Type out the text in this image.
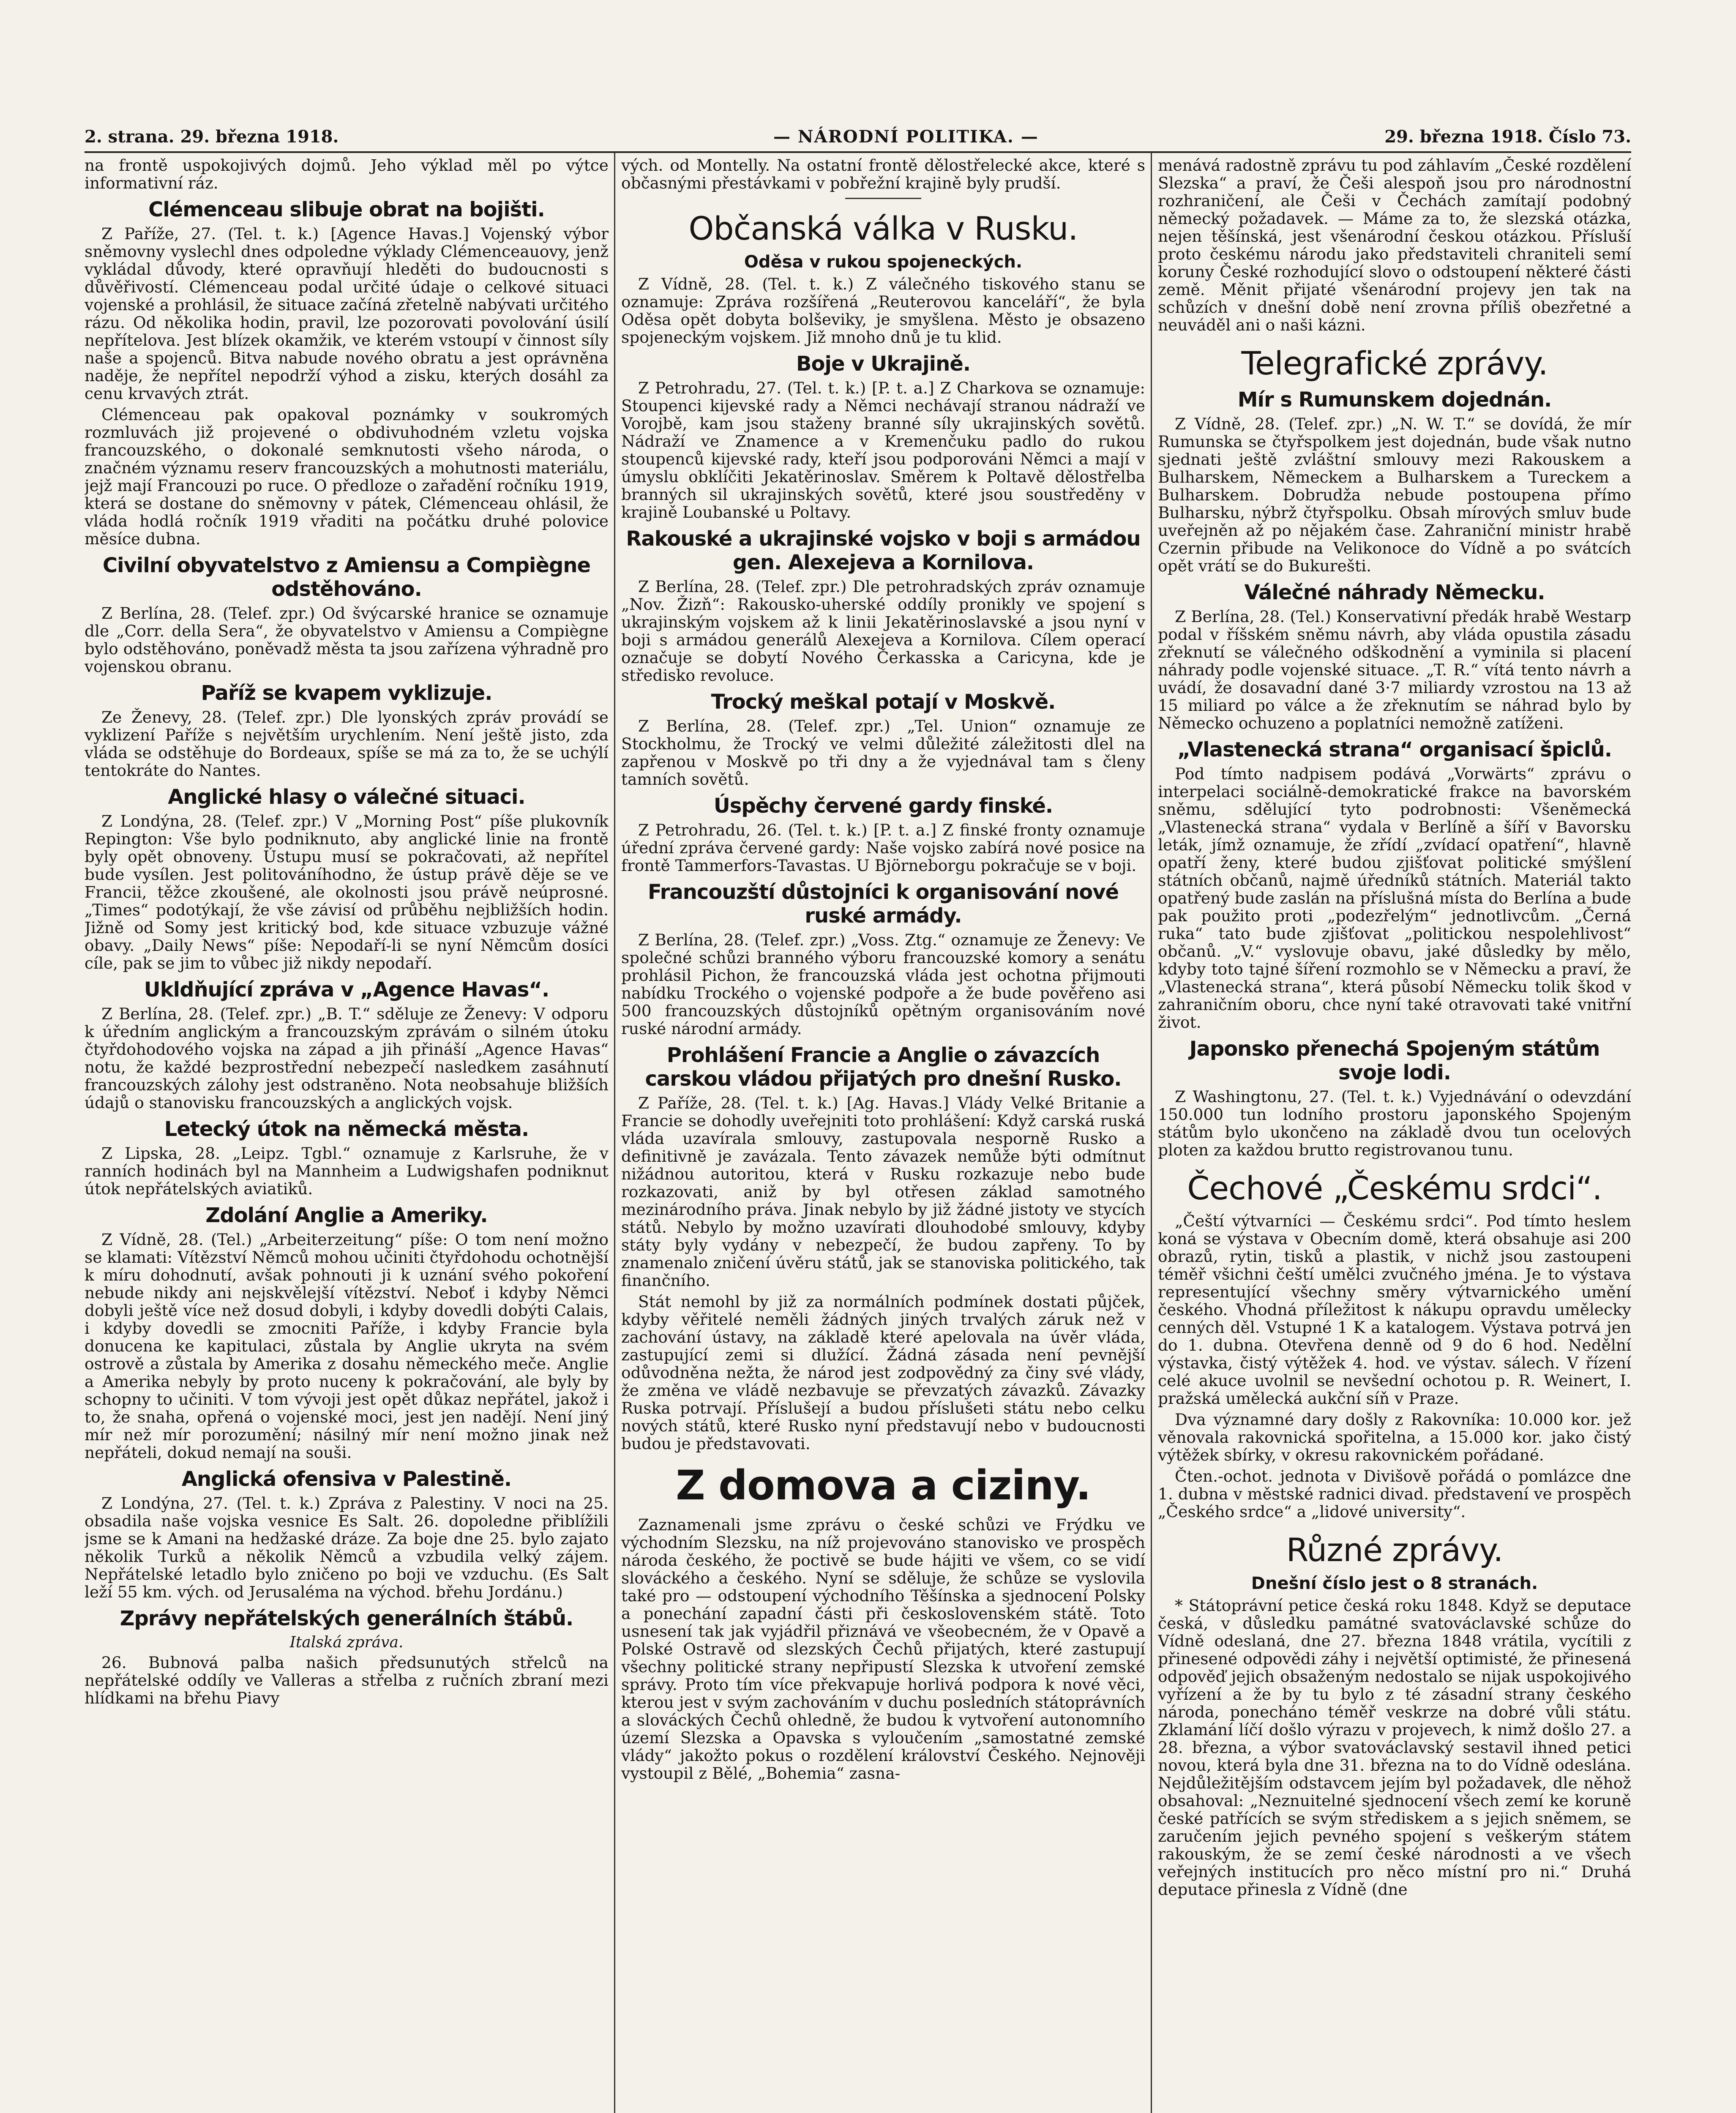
2. strana. 29. března 1918.	— NÁRODNÍ POLITIKA. —	29. března 1918. Číslo 73.

na frontě uspokojivých dojmů. Jeho výklad měl po výtce informativní ráz.

Clémenceau slibuje obrat na bojišti.

Z Paříže, 27. (Tel. t. k.) [Agence Havas.] Vojenský výbor sněmovny vyslechl dnes odpoledne výklady Clémenceauovy, jenž vykládal důvody, které opravňují hleděti do budoucnosti s důvěřivostí. Clémenceau podal určité údaje o celkové situaci vojenské a prohlásil, že situace začíná zřetelně nabývati určitého rázu. Od několika hodin, pravil, lze pozorovati povolování úsilí nepřítelova. Jest blízek okamžik, ve kterém vstoupí v činnost síly naše a spojenců. Bitva nabude nového obratu a jest oprávněna naděje, že nepřítel nepodrží výhod a zisku, kterých dosáhl za cenu krvavých ztrát.

Clémenceau pak opakoval poznámky v soukromých rozmluvách již projevené o obdivuhodném vzletu vojska francouzského, o dokonalé semknutosti všeho národa, o značném významu reserv francouzských a mohutnosti materiálu, jejž mají Francouzi po ruce. O předloze o zařadění ročníku 1919, která se dostane do sněmovny v pátek, Clémenceau ohlásil, že vláda hodlá ročník 1919 vřaditi na počátku druhé polovice měsíce dubna.

Civilní obyvatelstvo z Amiensu a Compiègne odstěhováno.

Z Berlína, 28. (Telef. zpr.) Od švýcarské hranice se oznamuje dle „Corr. della Sera“, že obyvatelstvo v Amiensu a Compiègne bylo odstěhováno, poněvadž města ta jsou zařízena výhradně pro vojenskou obranu.

Paříž se kvapem vyklizuje.

Ze Ženevy, 28. (Telef. zpr.) Dle lyonských zpráv provádí se vyklizení Paříže s největším urychlením. Není ještě jisto, zda vláda se odstěhuje do Bordeaux, spíše se má za to, že se uchýlí tentokráte do Nantes.

Anglické hlasy o válečné situaci.

Z Londýna, 28. (Telef. zpr.) V „Morning Post“ píše plukovník Repington: Vše bylo podniknuto, aby anglické linie na frontě byly opět obnoveny. Ústupu musí se pokračovati, až nepřítel bude vysílen. Jest politováníhodno, že ústup právě děje se ve Francii, těžce zkoušené, ale okolnosti jsou právě neúprosné. „Times“ podotýkají, že vše závisí od průběhu nejbližších hodin. Jižně od Somy jest kritický bod, kde situace vzbuzuje vážné obavy. „Daily News“ píše: Nepodaří-li se nyní Němcům dosíci cíle, pak se jim to vůbec již nikdy nepodaří.

Ukldňující zpráva v „Agence Havas“.

Z Berlína, 28. (Telef. zpr.) „B. T.“ sděluje ze Ženevy: V odporu k úředním anglickým a francouzským zprávám o silném útoku čtyřdohodového vojska na západ a jih přináší „Agence Havas“ notu, že každé bezprostřední nebezpečí nasledkem zasáhnutí francouzských zálohy jest odstraněno. Nota neobsahuje bližších údajů o stanovisku francouzských a anglických vojsk.

Letecký útok na německá města.

Z Lipska, 28. „Leipz. Tgbl.“ oznamuje z Karlsruhe, že v ranních hodinách byl na Mannheim a Ludwigshafen podniknut útok nepřátelských aviatiků.

Zdolání Anglie a Ameriky.

Z Vídně, 28. (Tel.) „Arbeiterzeitung“ píše: O tom není možno se klamati: Vítězství Němců mohou učiniti čtyřdohodu ochotnější k míru dohodnutí, avšak pohnouti ji k uznání svého pokoření nebude nikdy ani nejskvělejší vítězství. Neboť i kdyby Němci dobyli ještě více než dosud dobyli, i kdyby dovedli dobýti Calais, i kdyby dovedli se zmocniti Paříže, i kdyby Francie byla donucena ke kapitulaci, zůstala by Anglie ukryta na svém ostrově a zůstala by Amerika z dosahu německého meče. Anglie a Amerika nebyly by proto nuceny k pokračování, ale byly by schopny to učiniti. V tom vývoji jest opět důkaz nepřátel, jakož i to, že snaha, opřená o vojenské moci, jest jen nadějí. Není jiný mír než mír porozumění; násilný mír není možno jinak než nepřáteli, dokud nemají na souši.

Anglická ofensiva v Palestině.

Z Londýna, 27. (Tel. t. k.) Zpráva z Palestiny. V noci na 25. obsadila naše vojska vesnice Es Salt. 26. dopoledne přiblížili jsme se k Amani na hedžaské dráze. Za boje dne 25. bylo zajato několik Turků a několik Němců a vzbudila velký zájem. Nepřátelské letadlo bylo zničeno po boji ve vzduchu. (Es Salt leží 55 km. vých. od Jerusaléma na východ. břehu Jordánu.)

Zprávy nepřátelských generálních štábů.
Italská zpráva.

26. Bubnová palba našich předsunutých střelců na nepřátelské oddíly ve Valleras a střelba z ručních zbraní mezi hlídkami na břehu Piavy

vých. od Montelly. Na ostatní frontě dělostřelecké akce, které s občasnými přestávkami v pobřežní krajině byly prudší.

Občanská válka v Rusku.
Oděsa v rukou spojeneckých.

Z Vídně, 28. (Tel. t. k.) Z válečného tiskového stanu se oznamuje: Zpráva rozšířená „Reuterovou kanceláří“, že byla Oděsa opět dobyta bolševiky, je smyšlena. Město je obsazeno spojeneckým vojskem. Již mnoho dnů je tu klid.

Boje v Ukrajině.

Z Petrohradu, 27. (Tel. t. k.) [P. t. a.] Z Charkova se oznamuje: Stoupenci kijevské rady a Němci nechávají stranou nádraží ve Vorojbě, kam jsou staženy branné síly ukrajinských sovětů. Nádraží ve Znamence a v Kremenčuku padlo do rukou stoupenců kijevské rady, kteří jsou podporováni Němci a mají v úmyslu obklíčiti Jekatěrinoslav. Směrem k Poltavě dělostřelba branných sil ukrajinských sovětů, které jsou soustředěny v krajině Loubanské u Poltavy.

Rakouské a ukrajinské vojsko v boji s armádou gen. Alexejeva a Kornilova.

Z Berlína, 28. (Telef. zpr.) Dle petrohradských zpráv oznamuje „Nov. Žizň“: Rakousko-uherské oddíly pronikly ve spojení s ukrajinským vojskem až k linii Jekatěrinoslavské a jsou nyní v boji s armádou generálů Alexejeva a Kornilova. Cílem operací označuje se dobytí Nového Čerkasska a Caricyna, kde je středisko revoluce.

Trocký meškal potají v Moskvě.

Z Berlína, 28. (Telef. zpr.) „Tel. Union“ oznamuje ze Stockholmu, že Trocký ve velmi důležité záležitosti dlel na zapřenou v Moskvě po tři dny a že vyjednával tam s členy tamních sovětů.

Úspěchy červené gardy finské.

Z Petrohradu, 26. (Tel. t. k.) [P. t. a.] Z finské fronty oznamuje úřední zpráva červené gardy: Naše vojsko zabírá nové posice na frontě Tammerfors-Tavastas. U Björneborgu pokračuje se v boji.

Francouzští důstojníci k organisování nové ruské armády.

Z Berlína, 28. (Telef. zpr.) „Voss. Ztg.“ oznamuje ze Ženevy: Ve společné schůzi branného výboru francouzské komory a senátu prohlásil Pichon, že francouzská vláda jest ochotna přijmouti nabídku Trockého o vojenské podpoře a že bude pověřeno asi 500 francouzských důstojníků opětným organisováním nové ruské národní armády.

Prohlášení Francie a Anglie o závazcích carskou vládou přijatých pro dnešní Rusko.

Z Paříže, 28. (Tel. t. k.) [Ag. Havas.] Vlády Velké Britanie a Francie se dohodly uveřejniti toto prohlášení: Když carská ruská vláda uzavírala smlouvy, zastupovala nesporně Rusko a definitivně je zavázala. Tento závazek nemůže býti odmítnut nižádnou autoritou, která v Rusku rozkazuje nebo bude rozkazovati, aniž by byl otřesen základ samotného mezinárodního práva. Jinak nebylo by již žádné jistoty ve stycích států. Nebylo by možno uzavírati dlouhodobé smlouvy, kdyby státy byly vydány v nebezpečí, že budou zapřeny. To by znamenalo zničení úvěru států, jak se stanoviska politického, tak finančního.

Stát nemohl by již za normálních podmínek dostati půjček, kdyby věřitelé neměli žádných jiných trvalých záruk než v zachování ústavy, na základě které apelovala na úvěr vláda, zastupující zemi si dlužící. Žádná zásada není pevnější odůvodněna nežta, že národ jest zodpovědný za činy své vlády, že změna ve vládě nezbavuje se převzatých závazků. Závazky Ruska potrvají. Příslušejí a budou příslušeti státu nebo celku nových států, které Rusko nyní představují nebo v budoucnosti budou je představovati.

Z domova a ciziny.

Zaznamenali jsme zprávu o české schůzi ve Frýdku ve východním Slezsku, na níž projevováno stanovisko ve prospěch národa českého, že poctivě se bude hájiti ve všem, co se vidí slováckého a českého. Nyní se sděluje, že schůze se vyslovila také pro — odstoupení východního Těšínska a sjednocení Polsky a ponechání zapadní části při československém státě. Toto usnesení tak jak vyjádřil přiznává ve všeobecném, že v Opavě a Polské Ostravě od slezských Čechů přijatých, které zastupují všechny politické strany nepřipustí Slezska k utvoření zemské správy. Proto tím více překvapuje horlivá podpora k nové věci, kterou jest v svým zachováním v duchu posledních státoprávních a slováckých Čechů ohledně, že budou k vytvoření autonomního území Slezska a Opavska s vyloučením „samostatné zemské vlády“ jakožto pokus o rozdělení království Českého. Nejnověji vystoupil z Bělé, „Bohemia“ zasna-

menává radostně zprávu tu pod záhlavím „České rozdělení Slezska“ a praví, že Češi alespoň jsou pro národnostní rozhraničení, ale Češi v Čechách zamítají podobný německý požadavek. — Máme za to, že slezská otázka, nejen těšínská, jest všenárodní českou otázkou. Přísluší proto českému národu jako představiteli chraniteli semí koruny České rozhodující slovo o odstoupení některé části země. Měnit přijaté všenárodní projevy jen tak na schůzích v dnešní době není zrovna příliš obezřetné a neuváděl ani o naši kázni.

Telegrafické zprávy.
Mír s Rumunskem dojednán.

Z Vídně, 28. (Telef. zpr.) „N. W. T.“ se dovídá, že mír Rumunska se čtyřspolkem jest dojednán, bude však nutno sjednati ještě zvláštní smlouvy mezi Rakouskem a Bulharskem, Německem a Bulharskem a Tureckem a Bulharskem. Dobrudža nebude postoupena přímo Bulharsku, nýbrž čtyřspolku. Obsah mírových smluv bude uveřejněn až po nějakém čase. Zahraniční ministr hrabě Czernin přibude na Velikonoce do Vídně a po svátcích opět vrátí se do Bukurešti.

Válečné náhrady Německu.

Z Berlína, 28. (Tel.) Konservativní předák hrabě Westarp podal v říšském sněmu návrh, aby vláda opustila zásadu zřeknutí se válečného odškodnění a vyminila si placení náhrady podle vojenské situace. „T. R.“ vítá tento návrh a uvádí, že dosavadní dané 3·7 miliardy vzrostou na 13 až 15 miliard po válce a že zřeknutím se náhrad bylo by Německo ochuzeno a poplatníci nemožně zatíženi.

„Vlastenecká strana“ organisací špiclů.

Pod tímto nadpisem podává „Vorwärts“ zprávu o interpelaci sociálně-demokratické frakce na bavorském sněmu, sdělující tyto podrobnosti: Všeněmecká „Vlastenecká strana“ vydala v Berlíně a šíří v Bavorsku leták, jímž oznamuje, že zřídí „zvídací opatření“, hlavně opatří ženy, které budou zjišťovat politické smýšlení státních občanů, najmě úředníků státních. Materiál takto opatřený bude zaslán na příslušná místa do Berlína a bude pak použito proti „podezřelým“ jednotlivcům. „Černá ruka“ tato bude zjišťovat „politickou nespolehlivost“ občanů. „V.“ vyslovuje obavu, jaké důsledky by mělo, kdyby toto tajné šíření rozmohlo se v Německu a praví, že „Vlastenecká strana“, která působí Německu tolik škod v zahraničním oboru, chce nyní také otravovati také vnitřní život.

Japonsko přenechá Spojeným státům svoje lodi.

Z Washingtonu, 27. (Tel. t. k.) Vyjednávání o odevzdání 150.000 tun lodního prostoru japonského Spojeným státům bylo ukončeno na základě dvou tun ocelových ploten za každou brutto registrovanou tunu.

Čechové „Českému srdci“.

„Čeští výtvarníci — Českému srdci“. Pod tímto heslem koná se výstava v Obecním domě, která obsahuje asi 200 obrazů, rytin, tisků a plastik, v nichž jsou zastoupeni téměř všichni čeští umělci zvučného jména. Je to výstava representující všechny směry výtvarnického umění českého. Vhodná příležitost k nákupu opravdu umělecky cenných děl. Vstupné 1 K a katalogem. Výstava potrvá jen do 1. dubna. Otevřena denně od 9 do 6 hod. Nedělní výstavka, čistý výtěžek 4. hod. ve výstav. sálech. V řízení celé akuce uvolnil se nevšední ochotou p. R. Weinert, I. pražská umělecká aukční síň v Praze.

Dva významné dary došly z Rakovníka: 10.000 kor. jež věnovala rakovnická spořitelna, a 15.000 kor. jako čistý výtěžek sbírky, v okresu rakovnickém pořádané.

Čten.-ochot. jednota v Divišově pořádá o pomlázce dne 1. dubna v městské radnici divad. představení ve prospěch „Českého srdce“ a „lidové university“.

Různé zprávy.
Dnešní číslo jest o 8 stranách.

* Státoprávní petice česká roku 1848. Když se deputace česká, v důsledku památné svatováclavské schůze do Vídně odeslaná, dne 27. března 1848 vrátila, vycítili z přinesené odpovědi záhy i největší optimisté, že přinesená odpověď jejich obsaženým nedostalo se nijak uspokojivého vyřízení a že by tu bylo z té zásadní strany českého národa, ponecháno téměř veskrze na dobré vůli státu. Zklamání líčí došlo výrazu v projevech, k nimž došlo 27. a 28. března, a výbor svatováclavský sestavil ihned petici novou, která byla dne 31. března na to do Vídně odeslána. Nejdůležitějším odstavcem jejím byl požadavek, dle něhož obsahoval: „Neznuitelné sjednocení všech zemí ke koruně české patřících se svým střediskem a s jejich sněmem, se zaručením jejich pevného spojení s veškerým státem rakouským, že se zemí české národnosti a ve všech veřejných institucích pro něco místní pro ni.“ Druhá deputace přinesla z Vídně (dne
